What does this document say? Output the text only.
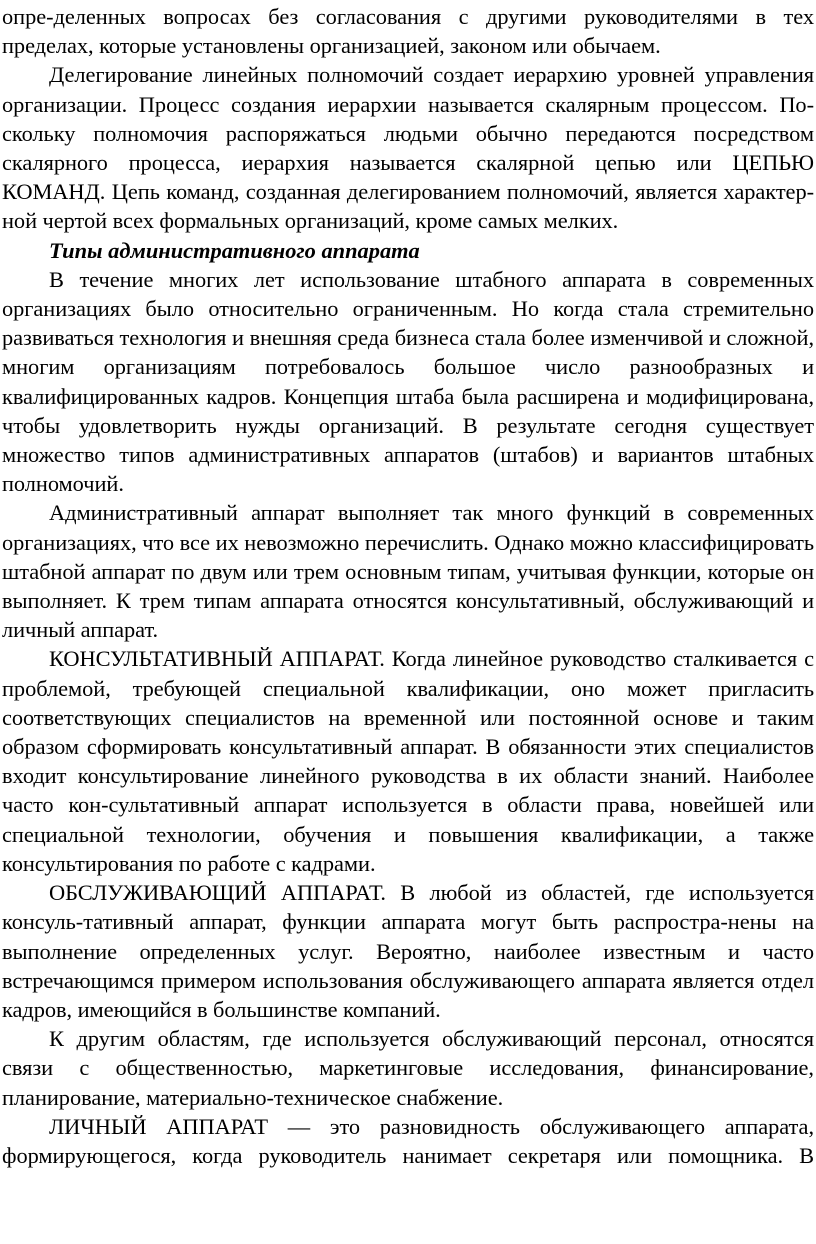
опре-деленных вопросах без согласования с другими руководителями в тех пределах, которые установлены организацией, законом или обычаем.

Делегирование линейных полномочий создает иерархию уровней управления организации. Процесс создания иерархии называется скалярным процессом. По-скольку полномочия распоряжаться людьми обычно передаются посредством скалярного процесса, иерархия называется скалярной цепью или ЦЕПЬЮ КОМАНД. Цепь команд, созданная делегированием полномочий, является характер-ной чертой всех формальных организаций, кроме самых мелких.

Типы административного аппарата

В течение многих лет использование штабного аппарата в современных организациях было относительно ограниченным. Но когда стала стремительно развиваться технология и внешняя среда бизнеса стала более изменчивой и сложной, многим организациям потребовалось большое число разнообразных и квалифицированных кадров. Концепция штаба была расширена и модифицирована, чтобы удовлетворить нужды организаций. В результате сегодня существует множество типов административных аппаратов (штабов) и вариантов штабных полномочий.

Административный аппарат выполняет так много функций в современных организациях, что все их невозможно перечислить. Однако можно классифицировать штабной аппарат по двум или трем основным типам, учитывая функции, которые он выполняет. К трем типам аппарата относятся консультативный, обслуживающий и личный аппарат.

КОНСУЛЬТАТИВНЫЙ АППАРАТ. Когда линейное руководство сталкивается с проблемой, требующей специальной квалификации, оно может пригласить соответствующих специалистов на временной или постоянной основе и таким образом сформировать консультативный аппарат. В обязанности этих специалистов входит консультирование линейного руководства в их области знаний. Наиболее часто кон-сультативный аппарат используется в области права, новейшей или специальной технологии, обучения и повышения квалификации, а также консультирования по работе с кадрами.

ОБСЛУЖИВАЮЩИЙ АППАРАТ. В любой из областей, где используется консуль-тативный аппарат, функции аппарата могут быть распростра-нены на выполнение определенных услуг. Вероятно, наиболее известным и часто встречающимся примером использования обслуживающего аппарата является отдел кадров, имеющийся в большинстве компаний.

К другим областям, где используется обслуживающий персонал, относятся связи с общественностью, маркетинговые исследования, финансирование, планирование, материально-техническое снабжение.

ЛИЧНЫЙ АППАРАТ — это разновидность обслуживающего аппарата, формирующегося, когда руководитель нанимает секретаря или помощника. В
